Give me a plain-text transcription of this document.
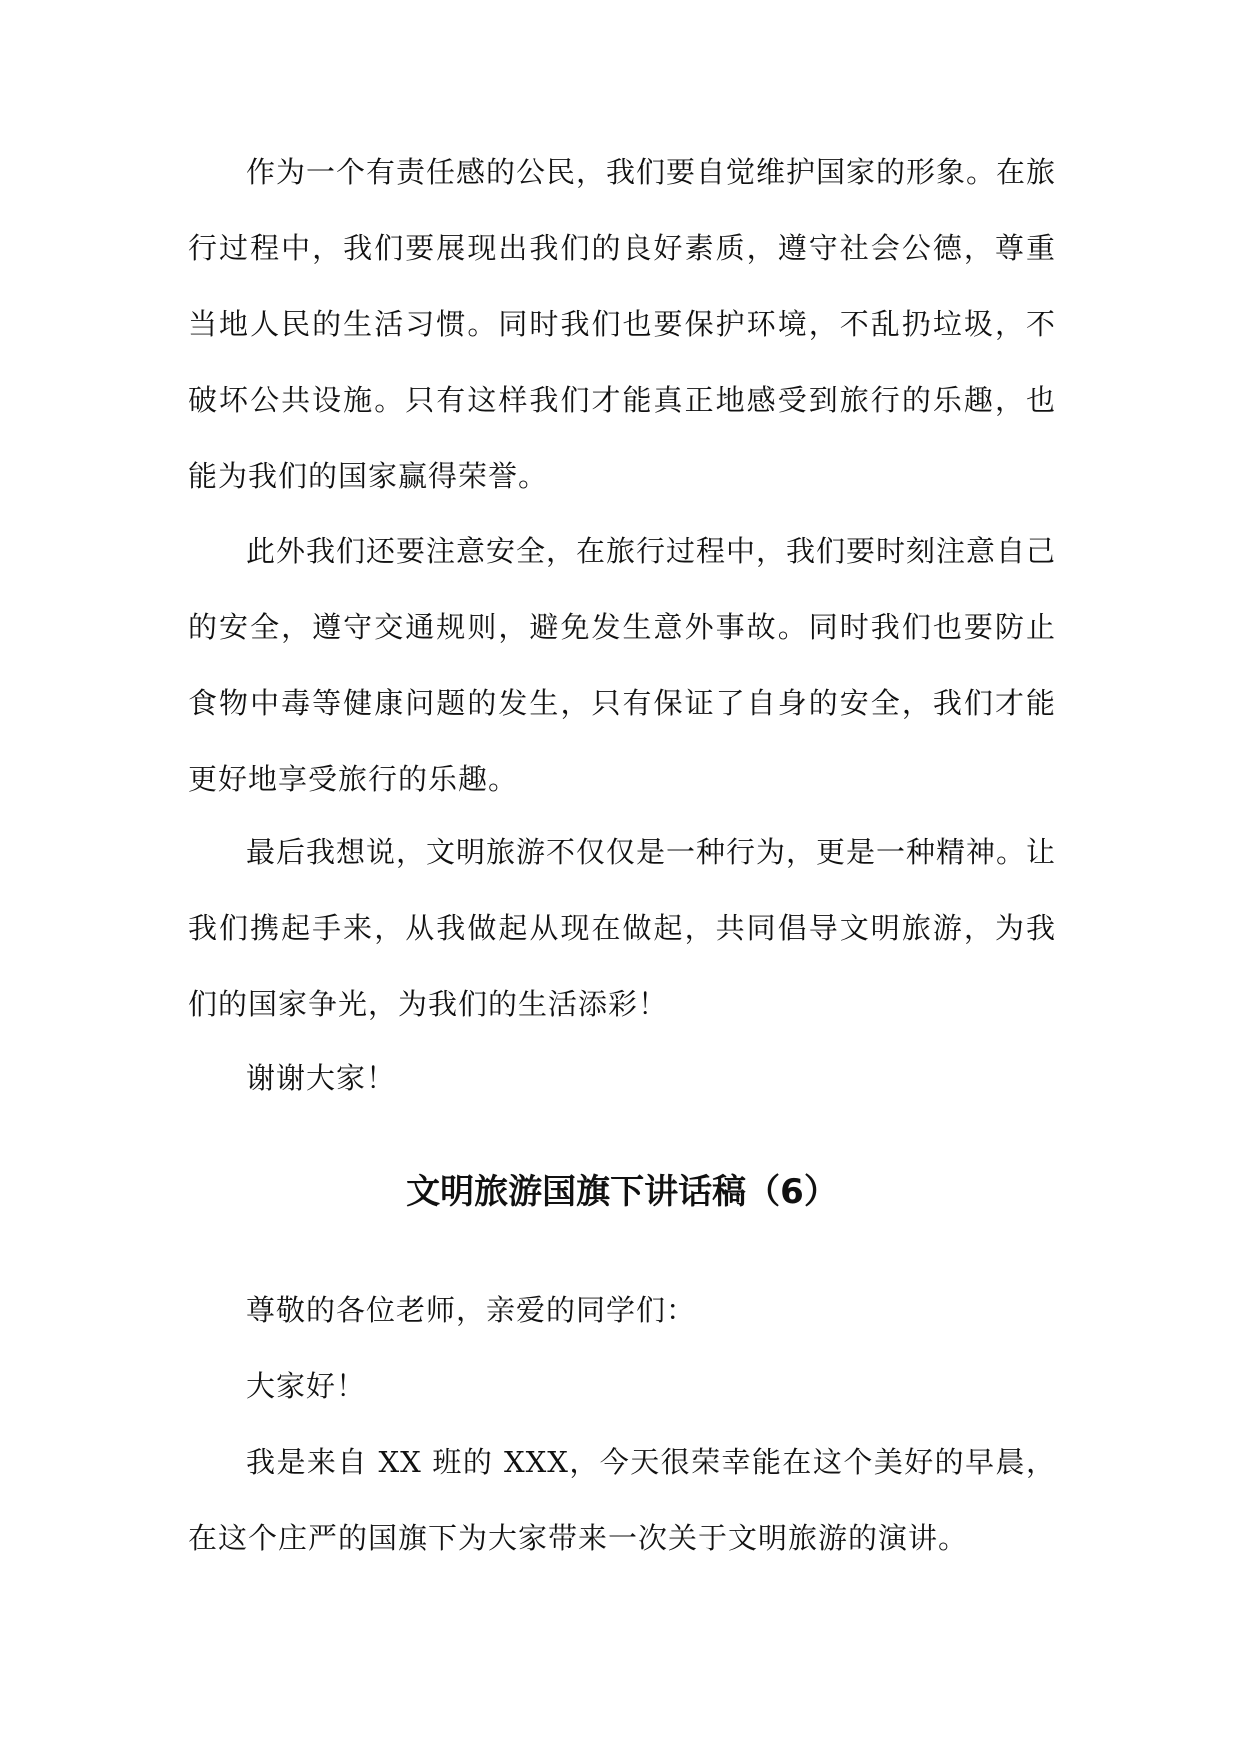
作为一个有责任感的公民，我们要自觉维护国家的形象。在旅行过程中，我们要展现出我们的良好素质，遵守社会公德，尊重当地人民的生活习惯。同时我们也要保护环境，不乱扔垃圾，不破坏公共设施。只有这样我们才能真正地感受到旅行的乐趣，也能为我们的国家赢得荣誉。

此外我们还要注意安全，在旅行过程中，我们要时刻注意自己的安全，遵守交通规则，避免发生意外事故。同时我们也要防止食物中毒等健康问题的发生，只有保证了自身的安全，我们才能更好地享受旅行的乐趣。

最后我想说，文明旅游不仅仅是一种行为，更是一种精神。让我们携起手来，从我做起从现在做起，共同倡导文明旅游，为我们的国家争光，为我们的生活添彩！

谢谢大家！

文明旅游国旗下讲话稿（6）

尊敬的各位老师，亲爱的同学们：

大家好！

我是来自 XX 班的 XXX，今天很荣幸能在这个美好的早晨，在这个庄严的国旗下为大家带来一次关于文明旅游的演讲。
